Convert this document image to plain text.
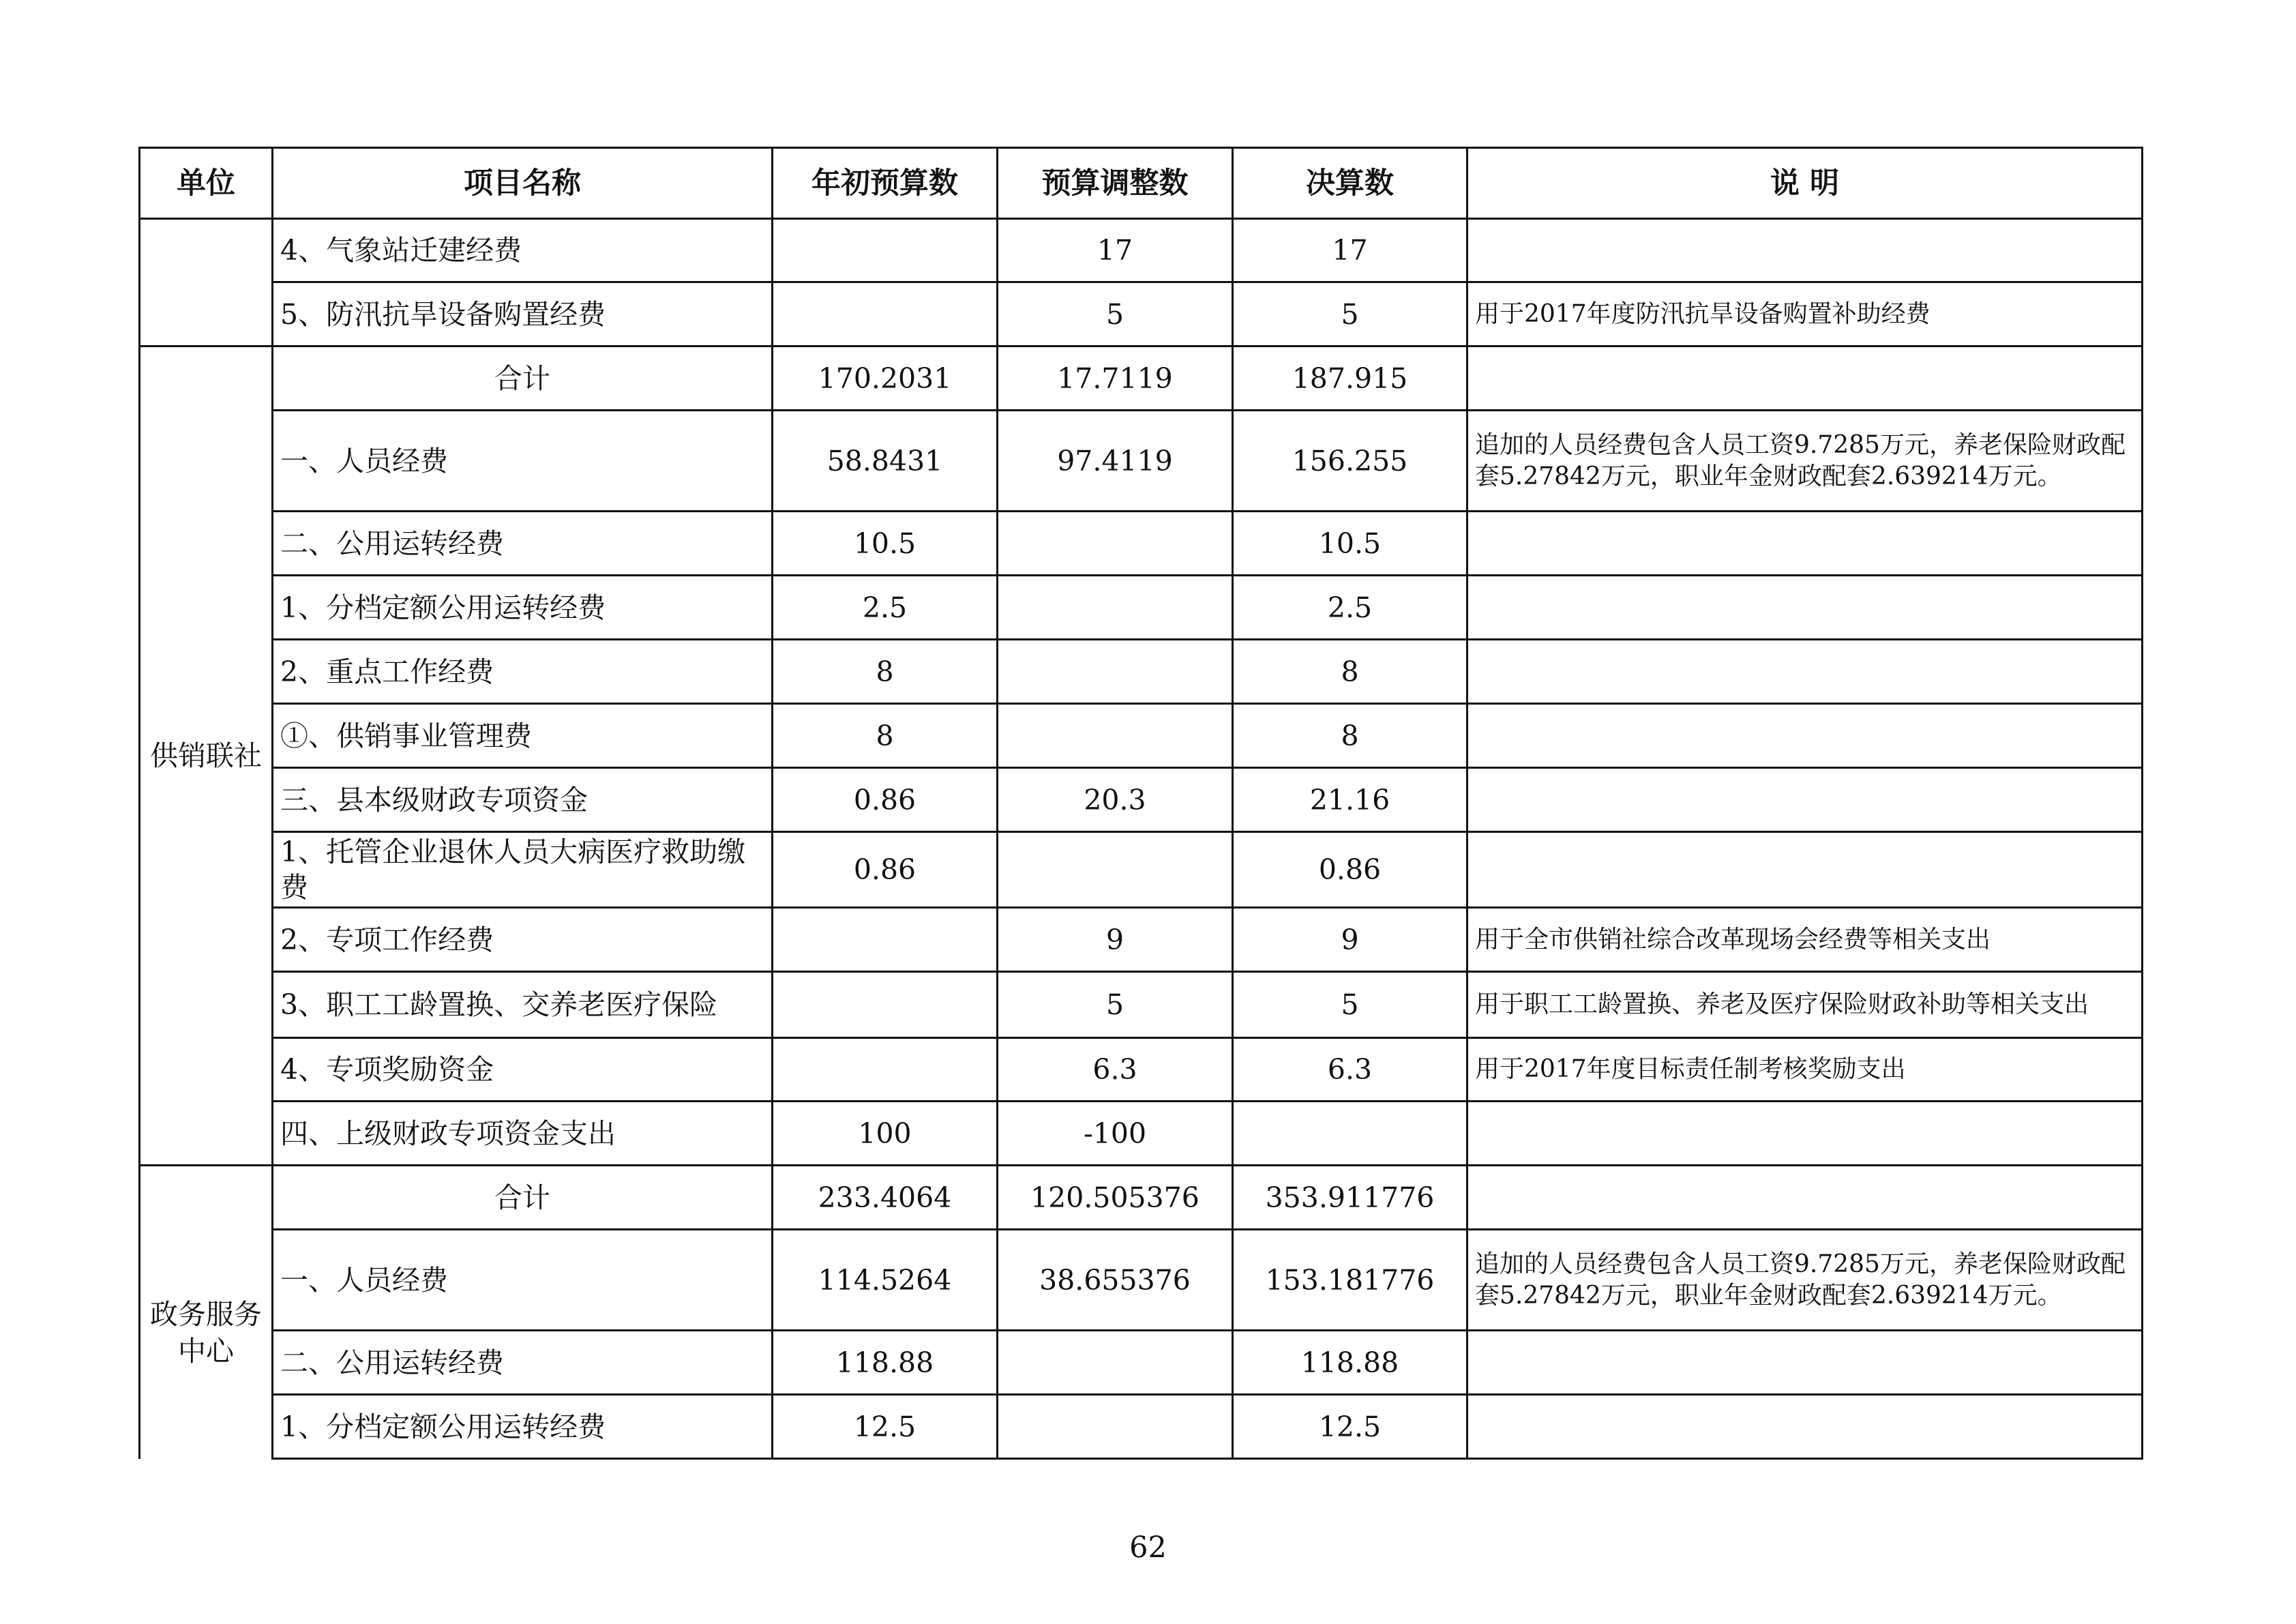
单位	项目名称	年初预算数	预算调整数	决算数	说 明
	4、气象站迁建经费		17	17	
	5、防汛抗旱设备购置经费		5	5	用于2017年度防汛抗旱设备购置补助经费
供销联社	合计	170.2031	17.7119	187.915	
	一、人员经费	58.8431	97.4119	156.255	追加的人员经费包含人员工资9.7285万元，养老保险财政配套5.27842万元，职业年金财政配套2.639214万元。
	二、公用运转经费	10.5		10.5	
	1、分档定额公用运转经费	2.5		2.5	
	2、重点工作经费	8		8	
	①、供销事业管理费	8		8	
	三、县本级财政专项资金	0.86	20.3	21.16	
	1、托管企业退休人员大病医疗救助缴费	0.86		0.86	
	2、专项工作经费		9	9	用于全市供销社综合改革现场会经费等相关支出
	3、职工工龄置换、交养老医疗保险		5	5	用于职工工龄置换、养老及医疗保险财政补助等相关支出
	4、专项奖励资金		6.3	6.3	用于2017年度目标责任制考核奖励支出
	四、上级财政专项资金支出	100	-100		
政务服务中心	合计	233.4064	120.505376	353.911776	
	一、人员经费	114.5264	38.655376	153.181776	追加的人员经费包含人员工资9.7285万元，养老保险财政配套5.27842万元，职业年金财政配套2.639214万元。
	二、公用运转经费	118.88		118.88	
	1、分档定额公用运转经费	12.5		12.5	
62
